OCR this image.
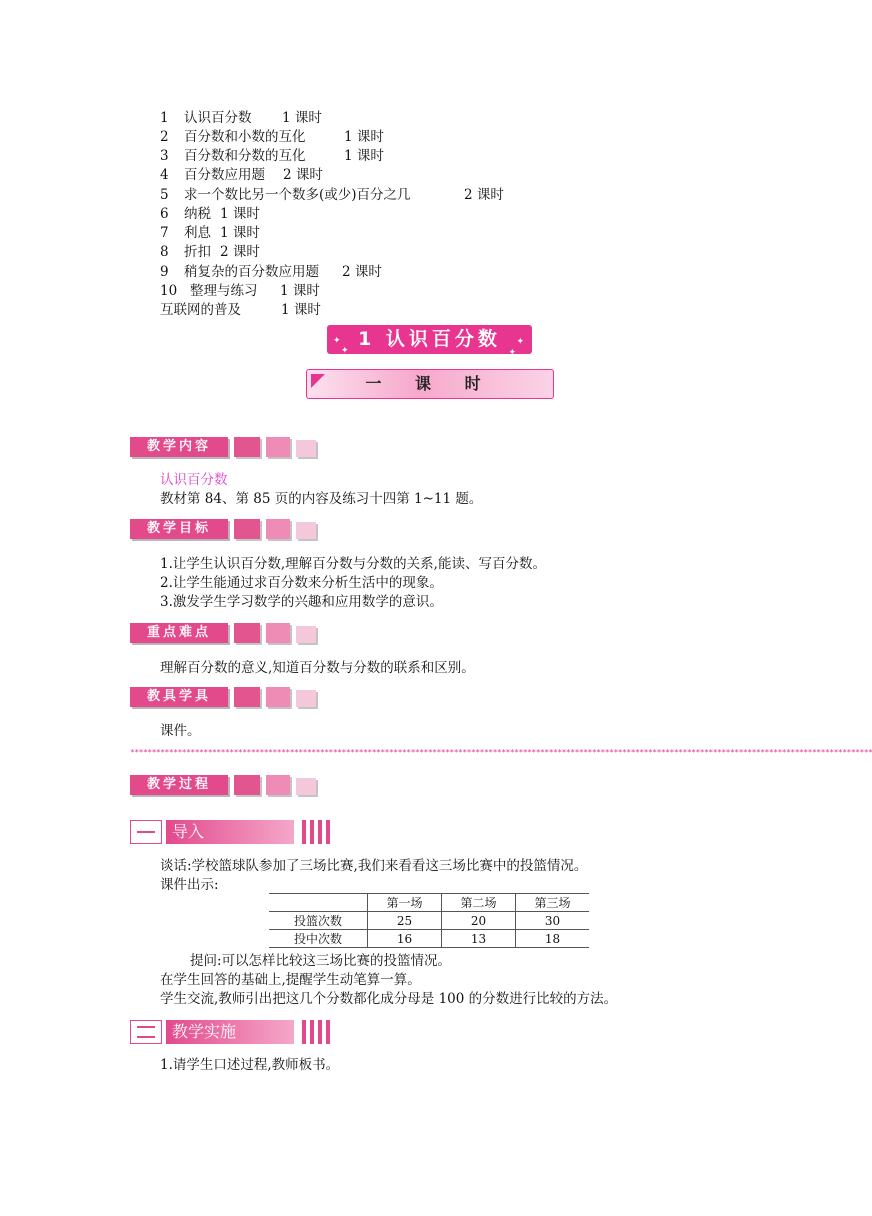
1 认识百分数 1 课时
2 百分数和小数的互化	1 课时
3 百分数和分数的互化	1 课时
4 百分数应用题 2 课时
5 求一个数比另一个数多(或少)百分之几	2 课时
6 纳税 1 课时
7 利息 1 课时
8 折扣 2 课时
9 稍复杂的百分数应用题 2 课时
10 整理与练习 1 课时
互联网的普及	1 课时
✦
✦
✦
✦
1 认识百分数
一 课 时
教学内容
认识百分数
教材第 84、第 85 页的内容及练习十四第 1~11 题。
教学目标
1.让学生认识百分数,理解百分数与分数的关系,能读、写百分数。
2.让学生能通过求百分数来分析生活中的现象。
3.激发学生学习数学的兴趣和应用数学的意识。
重点难点
理解百分数的意义,知道百分数与分数的联系和区别。
教具学具
课件。
****************************************************************************************************************************************************************************
教学过程
导入
谈话:学校篮球队参加了三场比赛,我们来看看这三场比赛中的投篮情况。
课件出示:
	第一场	第二场	第三场
投篮次数	25	20	30
投中次数	16	13	18
提问:可以怎样比较这三场比赛的投篮情况。
在学生回答的基础上,提醒学生动笔算一算。
学生交流,教师引出把这几个分数都化成分母是 100 的分数进行比较的方法。
教学实施
1.请学生口述过程,教师板书。
